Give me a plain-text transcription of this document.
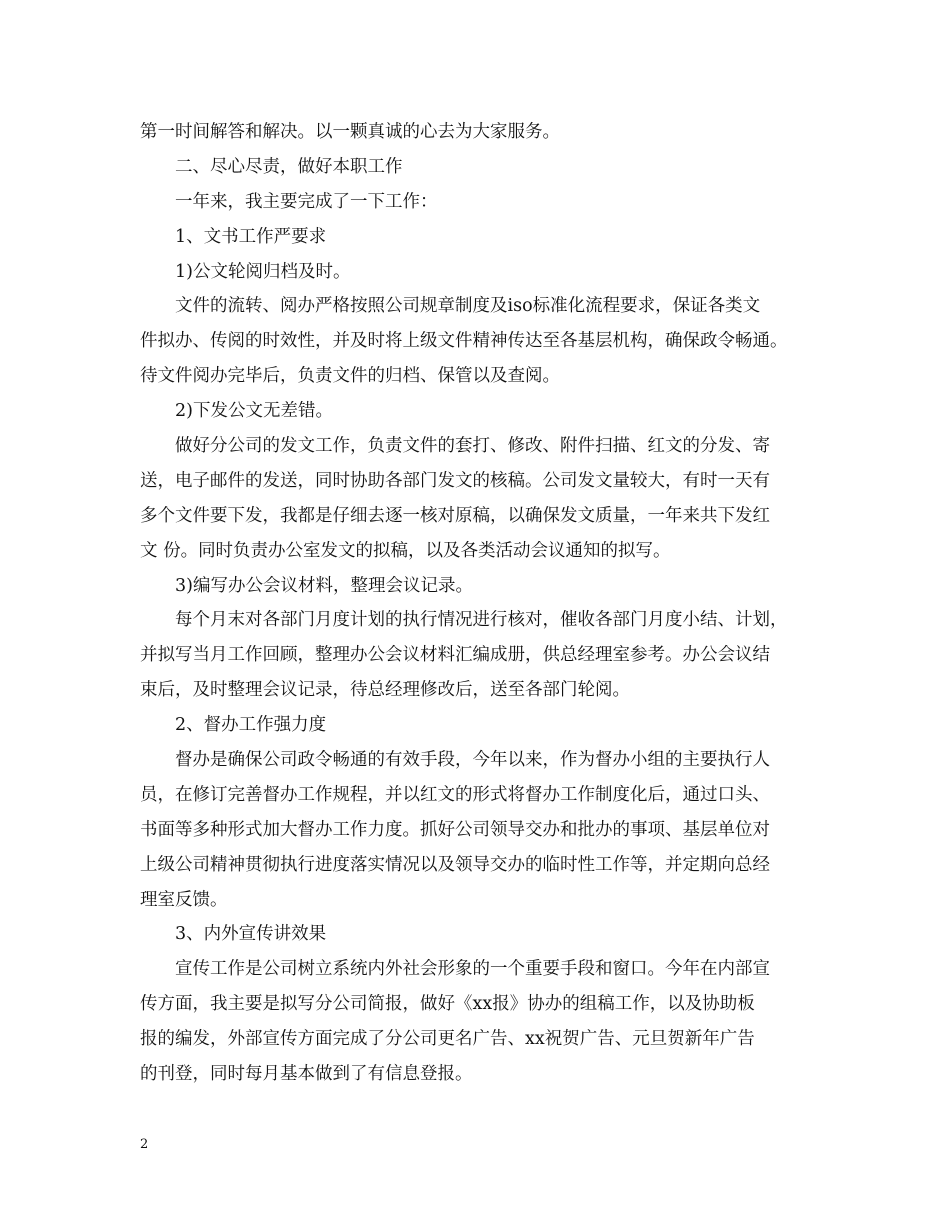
第一时间解答和解决。以一颗真诚的心去为大家服务。
二、尽心尽责，做好本职工作
一年来，我主要完成了一下工作：
1、文书工作严要求
1)公文轮阅归档及时。
文件的流转、阅办严格按照公司规章制度及iso标准化流程要求，保证各类文
件拟办、传阅的时效性，并及时将上级文件精神传达至各基层机构，确保政令畅通。
待文件阅办完毕后，负责文件的归档、保管以及查阅。
2)下发公文无差错。
做好分公司的发文工作，负责文件的套打、修改、附件扫描、红文的分发、寄
送，电子邮件的发送，同时协助各部门发文的核稿。公司发文量较大，有时一天有
多个文件要下发，我都是仔细去逐一核对原稿，以确保发文质量，一年来共下发红
文 份。同时负责办公室发文的拟稿，以及各类活动会议通知的拟写。
3)编写办公会议材料，整理会议记录。
每个月末对各部门月度计划的执行情况进行核对，催收各部门月度小结、计划，
并拟写当月工作回顾，整理办公会议材料汇编成册，供总经理室参考。办公会议结
束后，及时整理会议记录，待总经理修改后，送至各部门轮阅。
2、督办工作强力度
督办是确保公司政令畅通的有效手段，今年以来，作为督办小组的主要执行人
员，在修订完善督办工作规程，并以红文的形式将督办工作制度化后，通过口头、
书面等多种形式加大督办工作力度。抓好公司领导交办和批办的事项、基层单位对
上级公司精神贯彻执行进度落实情况以及领导交办的临时性工作等，并定期向总经
理室反馈。
3、内外宣传讲效果
宣传工作是公司树立系统内外社会形象的一个重要手段和窗口。今年在内部宣
传方面，我主要是拟写分公司简报，做好《xx报》协办的组稿工作，以及协助板
报的编发，外部宣传方面完成了分公司更名广告、xx祝贺广告、元旦贺新年广告
的刊登，同时每月基本做到了有信息登报。
2
